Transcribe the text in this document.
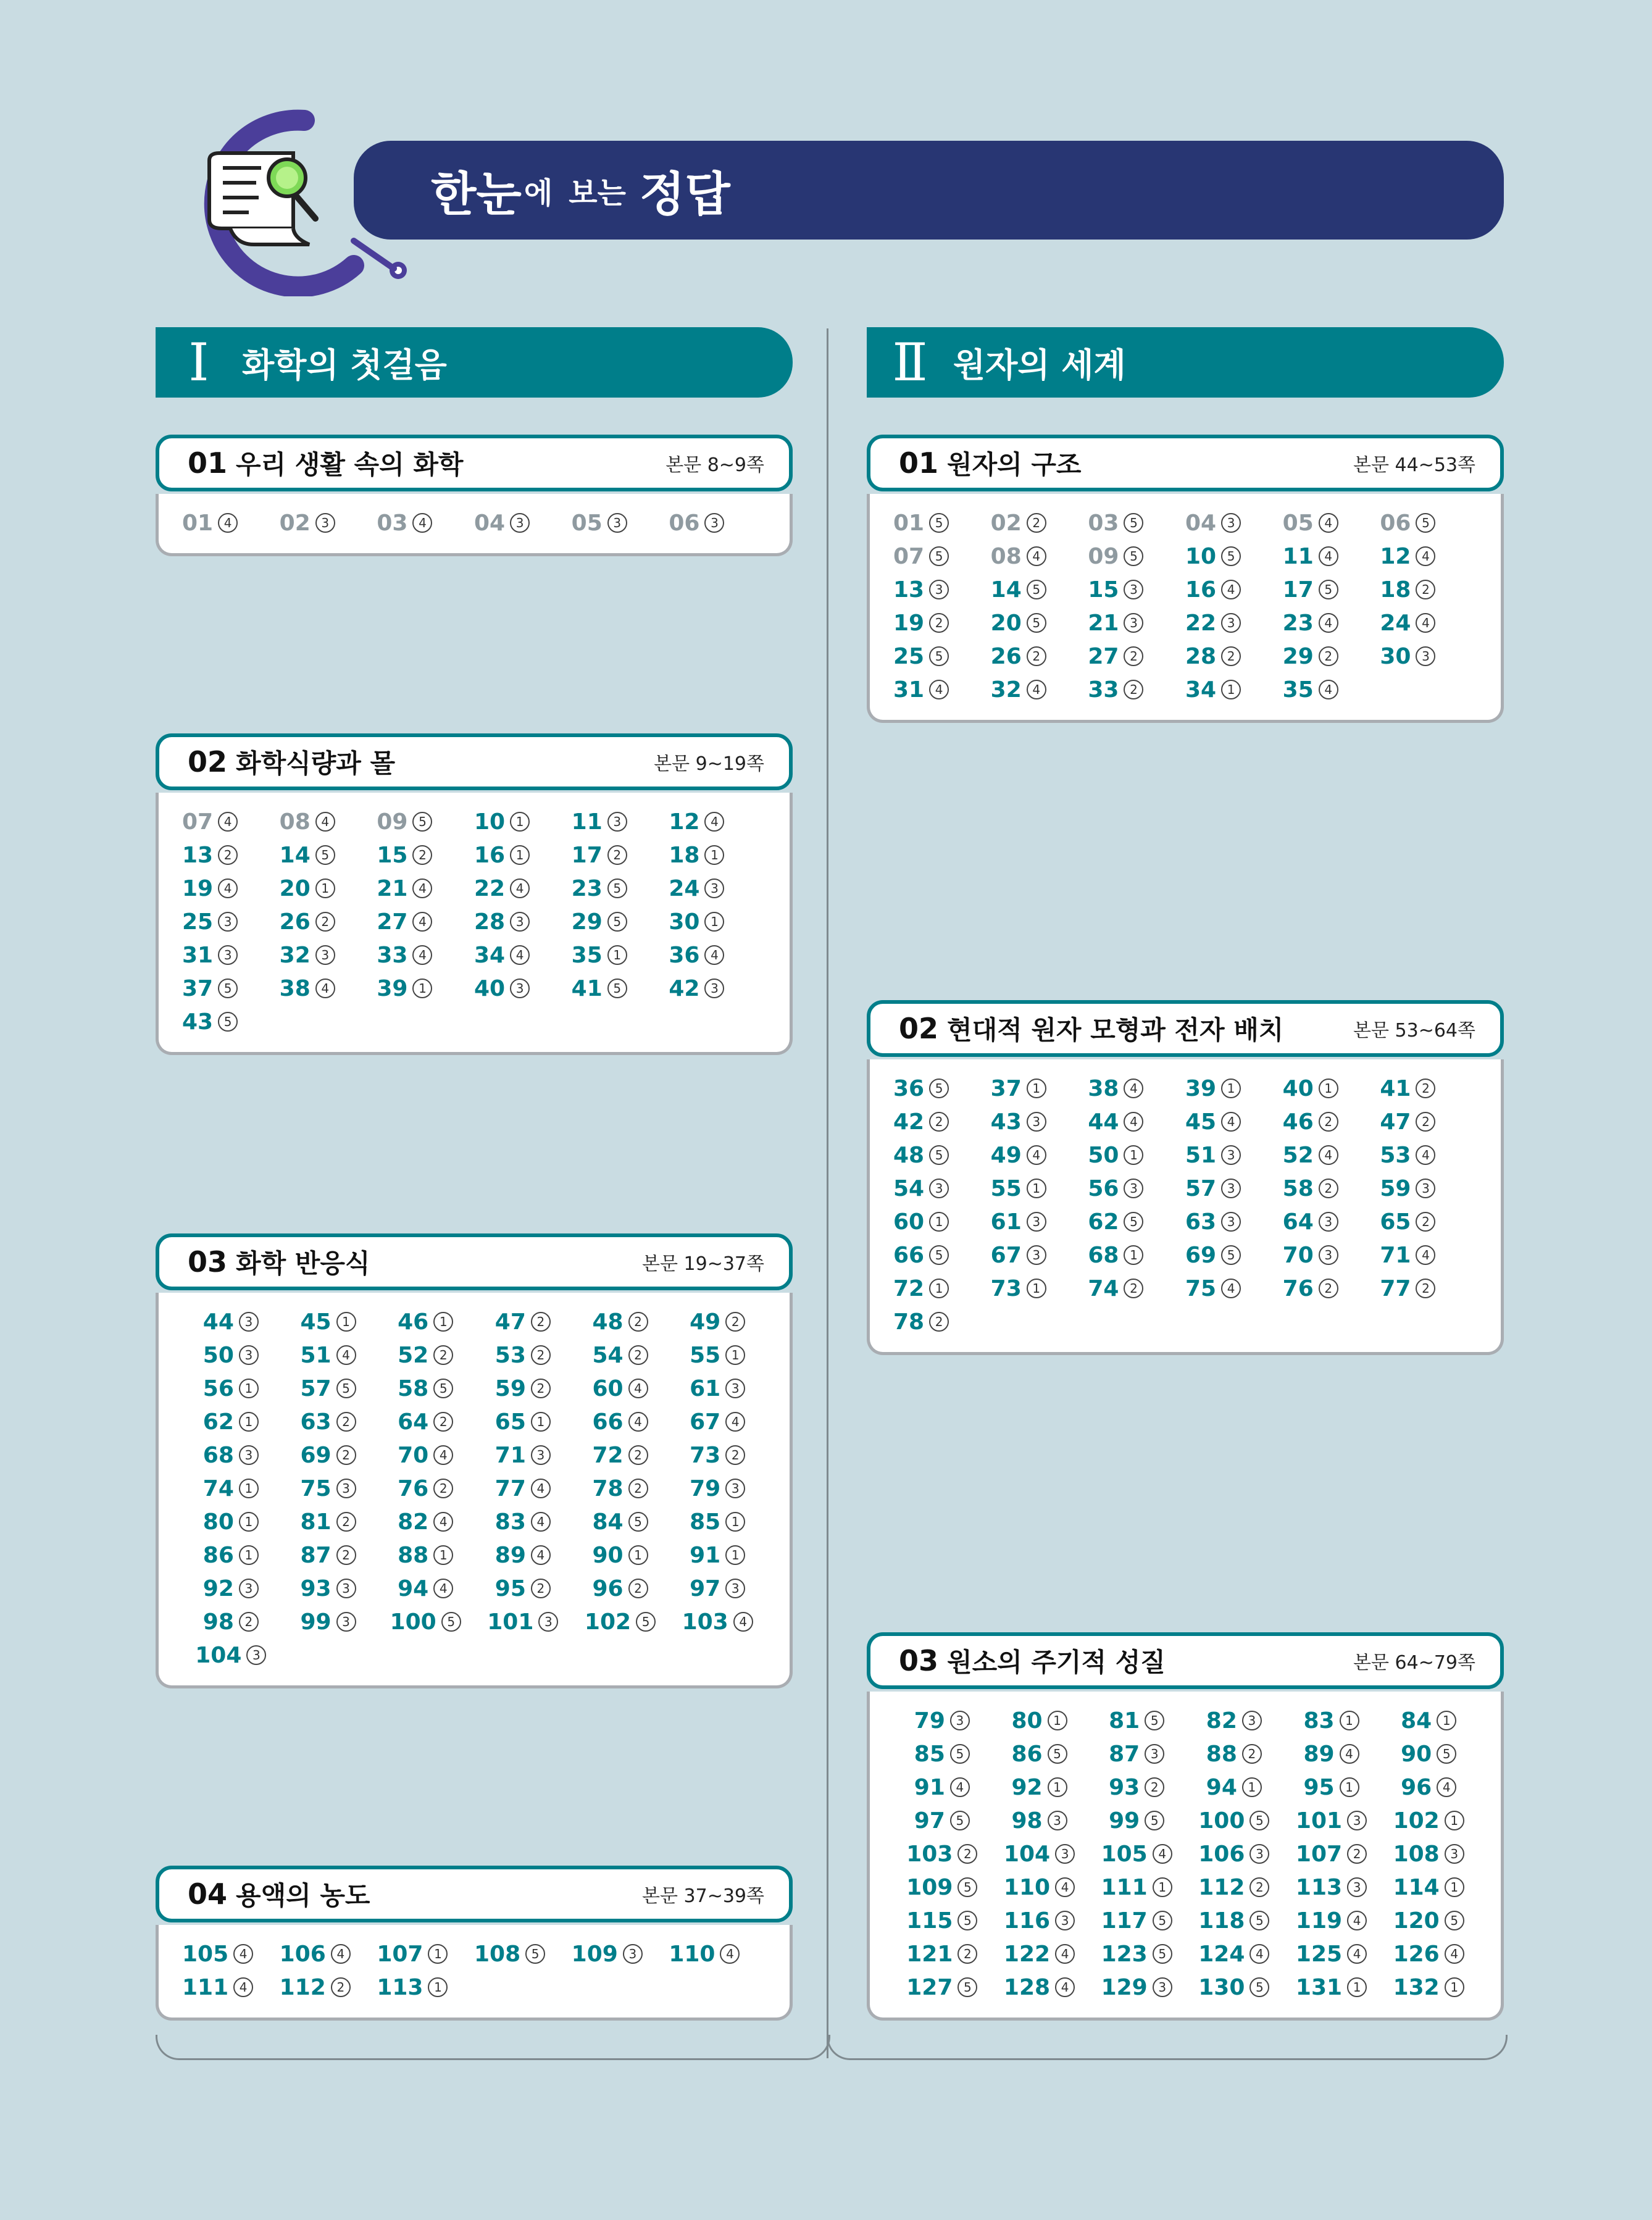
한눈 에 보는 정답
Ⅰ 화학의 첫걸음	Ⅱ 원자의 세계
01 우리 생활 속의 화학	본문 8~9쪽
01 4 02 3 03 4 04 3 05 3 06 3
02 화학식량과 몰	본문 9~19쪽
07 4 08 4 09 5 10 1 11 3 12 4
13 2 14 5 15 2 16 1 17 2 18 1
19 4 20 1 21 4 22 4 23 5 24 3
25 3 26 2 27 4 28 3 29 5 30 1
31 3 32 3 33 4 34 4 35 1 36 4
37 5 38 4 39 1 40 3 41 5 42 3
43 5
03 화학 반응식	본문 19~37쪽
44 3 45 1 46 1 47 2 48 2 49 2
50 3 51 4 52 2 53 2 54 2 55 1
56 1 57 5 58 5 59 2 60 4 61 3
62 1 63 2 64 2 65 1 66 4 67 4
68 3 69 2 70 4 71 3 72 2 73 2
74 1 75 3 76 2 77 4 78 2 79 3
80 1 81 2 82 4 83 4 84 5 85 1
86 1 87 2 88 1 89 4 90 1 91 1
92 3 93 3 94 4 95 2 96 2 97 3
98 2 99 3 100 5 101 3 102 5 103 4
104 3
04 용액의 농도	본문 37~39쪽
105 4 106 4 107 1 108 5 109 3 110 4
111 4 112 2 113 1
01 원자의 구조	본문 44~53쪽
01 5 02 2 03 5 04 3 05 4 06 5
07 5 08 4 09 5 10 5 11 4 12 4
13 3 14 5 15 3 16 4 17 5 18 2
19 2 20 5 21 3 22 3 23 4 24 4
25 5 26 2 27 2 28 2 29 2 30 3
31 4 32 4 33 2 34 1 35 4
02 현대적 원자 모형과 전자 배치	본문 53~64쪽
36 5 37 1 38 4 39 1 40 1 41 2
42 2 43 3 44 4 45 4 46 2 47 2
48 5 49 4 50 1 51 3 52 4 53 4
54 3 55 1 56 3 57 3 58 2 59 3
60 1 61 3 62 5 63 3 64 3 65 2
66 5 67 3 68 1 69 5 70 3 71 4
72 1 73 1 74 2 75 4 76 2 77 2
78 2
03 원소의 주기적 성질	본문 64~79쪽
79 3 80 1 81 5 82 3 83 1 84 1
85 5 86 5 87 3 88 2 89 4 90 5
91 4 92 1 93 2 94 1 95 1 96 4
97 5 98 3 99 5 100 5 101 3 102 1
103 2 104 3 105 4 106 3 107 2 108 3
109 5 110 4 111 1 112 2 113 3 114 1
115 5 116 3 117 5 118 5 119 4 120 5
121 2 122 4 123 5 124 4 125 4 126 4
127 5 128 4 129 3 130 5 131 1 132 1
